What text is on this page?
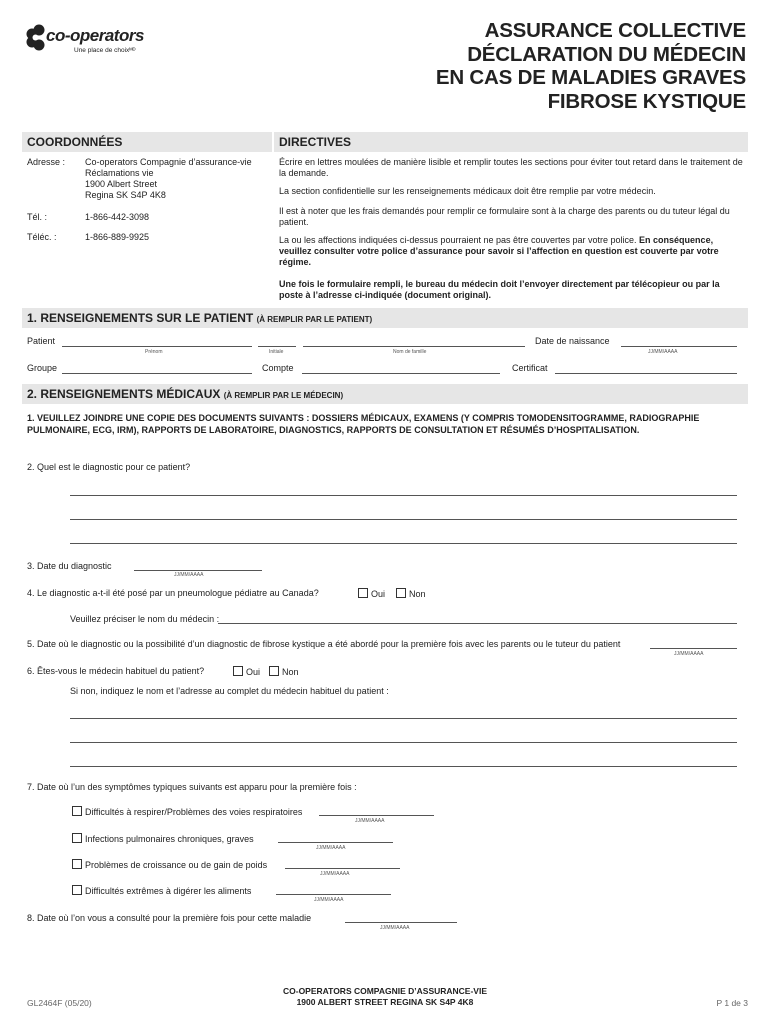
co-operators
Une place de choixᴹᴰ
ASSURANCE COLLECTIVE
DÉCLARATION DU MÉDECIN
EN CAS DE MALADIES GRAVES
FIBROSE KYSTIQUE
COORDONNÉES	DIRECTIVES
Adresse : Co-operators Compagnie d’assurance-vie
Réclamations vie
1900 Albert Street
Regina SK S4P 4K8
Tél. :	1-866-442-3098
Téléc. :	1-866-889-9925
Écrire en lettres moulées de manière lisible et remplir toutes les sections pour éviter tout retard dans le traitement de la demande.
La section confidentielle sur les renseignements médicaux doit être remplie par votre médecin.
Il est à noter que les frais demandés pour remplir ce formulaire sont à la charge des parents ou du tuteur légal du patient.
La ou les affections indiquées ci-dessus pourraient ne pas être couvertes par votre police. En conséquence, veuillez consulter votre police d’assurance pour savoir si l’affection en question est couverte par votre régime.
Une fois le formulaire rempli, le bureau du médecin doit l’envoyer directement par télécopieur ou par la poste à l’adresse ci-indiquée (document original).
1. RENSEIGNEMENTS SUR LE PATIENT (À REMPLIR PAR LE PATIENT)
Patient	Date de naissance
Prénom	Initiale	Nom de famille	JJ/MM/AAAA
Groupe	Compte	Certificat
2. RENSEIGNEMENTS MÉDICAUX (À REMPLIR PAR LE MÉDECIN)
1. VEUILLEZ JOINDRE UNE COPIE DES DOCUMENTS SUIVANTS : DOSSIERS MÉDICAUX, EXAMENS (Y COMPRIS TOMODENSITOGRAMME, RADIOGRAPHIE PULMONAIRE, ECG, IRM), RAPPORTS DE LABORATOIRE, DIAGNOSTICS, RAPPORTS DE CONSULTATION ET RÉSUMÉS D’HOSPITALISATION.
2. Quel est le diagnostic pour ce patient?
3. Date du diagnostic
JJ/MM/AAAA
4. Le diagnostic a-t-il été posé par un pneumologue pédiatre au Canada?	Oui	Non
Veuillez préciser le nom du médecin :
5. Date où le diagnostic ou la possibilité d’un diagnostic de fibrose kystique a été abordé pour la première fois avec les parents ou le tuteur du patient
JJ/MM/AAAA
6. Êtes-vous le médecin habituel du patient?	Oui	Non
Si non, indiquez le nom et l’adresse au complet du médecin habituel du patient :
7. Date où l’un des symptômes typiques suivants est apparu pour la première fois :
Difficultés à respirer/Problèmes des voies respiratoires
JJ/MM/AAAA
Infections pulmonaires chroniques, graves
JJ/MM/AAAA
Problèmes de croissance ou de gain de poids
JJ/MM/AAAA
Difficultés extrêmes à digérer les aliments
JJ/MM/AAAA
8. Date où l’on vous a consulté pour la première fois pour cette maladie
JJ/MM/AAAA
CO-OPERATORS COMPAGNIE D’ASSURANCE-VIE
1900 ALBERT STREET REGINA SK S4P 4K8
GL2464F (05/20)	P 1 de 3
